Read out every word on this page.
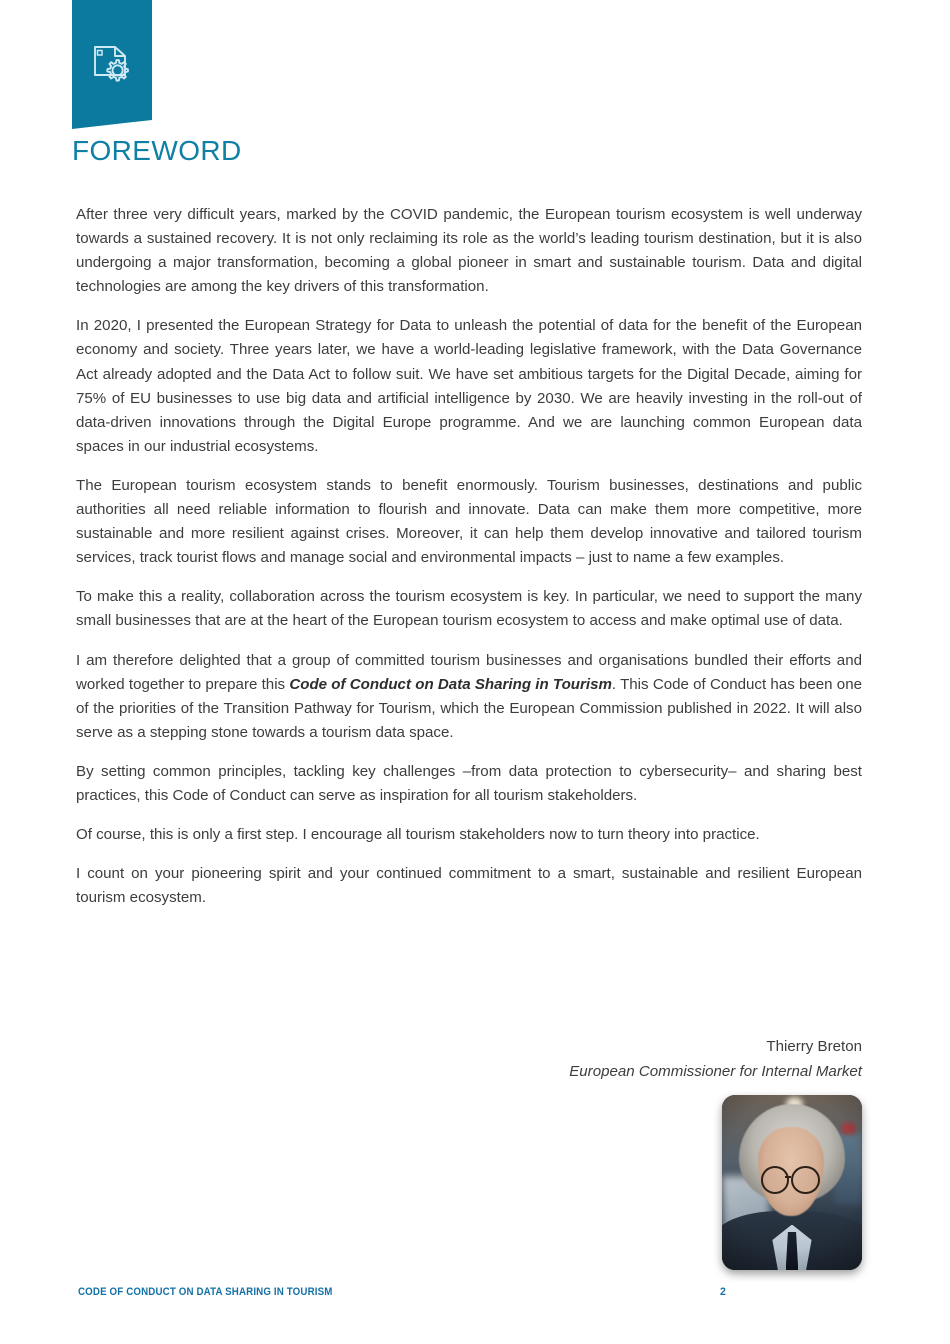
FOREWORD

After three very difficult years, marked by the COVID pandemic, the European tourism ecosystem is well underway towards a sustained recovery. It is not only reclaiming its role as the world’s leading tourism destination, but it is also undergoing a major transformation, becoming a global pioneer in smart and sustainable tourism. Data and digital technologies are among the key drivers of this transformation.

In 2020, I presented the European Strategy for Data to unleash the potential of data for the benefit of the European economy and society. Three years later, we have a world-leading legislative framework, with the Data Governance Act already adopted and the Data Act to follow suit. We have set ambitious targets for the Digital Decade, aiming for 75% of EU businesses to use big data and artificial intelligence by 2030. We are heavily investing in the roll-out of data-driven innovations through the Digital Europe programme. And we are launching common European data spaces in our industrial ecosystems.

The European tourism ecosystem stands to benefit enormously. Tourism businesses, destinations and public authorities all need reliable information to flourish and innovate. Data can make them more competitive, more sustainable and more resilient against crises. Moreover, it can help them develop innovative and tailored tourism services, track tourist flows and manage social and environmental impacts – just to name a few examples.

To make this a reality, collaboration across the tourism ecosystem is key. In particular, we need to support the many small businesses that are at the heart of the European tourism ecosystem to access and make optimal use of data.

I am therefore delighted that a group of committed tourism businesses and organisations bundled their efforts and worked together to prepare this Code of Conduct on Data Sharing in Tourism. This Code of Conduct has been one of the priorities of the Transition Pathway for Tourism, which the European Commission published in 2022. It will also serve as a stepping stone towards a tourism data space.

By setting common principles, tackling key challenges –from data protection to cybersecurity– and sharing best practices, this Code of Conduct can serve as inspiration for all tourism stakeholders.

Of course, this is only a first step. I encourage all tourism stakeholders now to turn theory into practice.

I count on your pioneering spirit and your continued commitment to a smart, sustainable and resilient European tourism ecosystem.

Thierry Breton
European Commissioner for Internal Market
CODE OF CONDUCT ON DATA SHARING IN TOURISM	2
